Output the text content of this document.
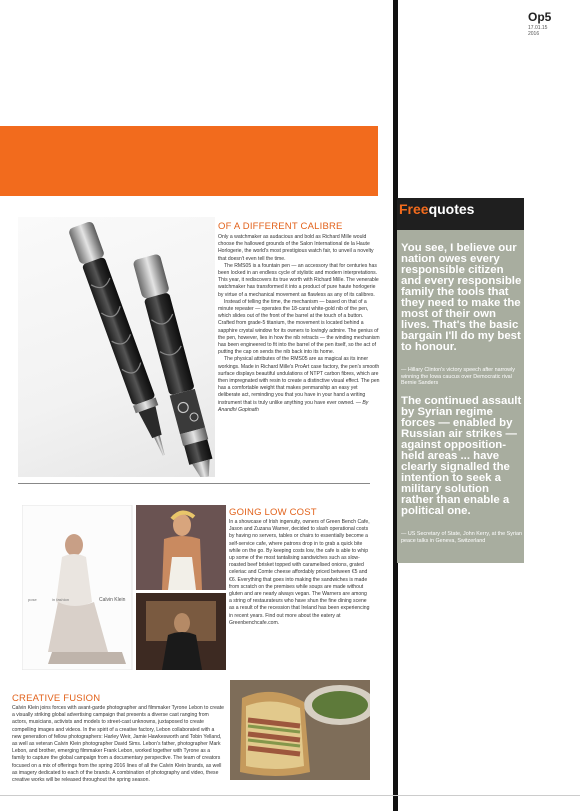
Op5
17.01.15
2016
OF A DIFFERENT CALIBRE

Only a watchmaker as audacious and bold as Richard Mille would choose the hallowed grounds of the Salon International de la Haute Horlogerie, the world's most prestigious watch fair, to unveil a novelty that doesn't even tell the time.

The RMS05 is a fountain pen — an accessory that for centuries has been locked in an endless cycle of stylistic and modern interpretations. This year, it rediscovers its true worth with Richard Mille. The venerable watchmaker has transformed it into a product of pure haute horlogerie by virtue of a mechanical movement as flawless as any of its calibres.

Instead of telling the time, the mechanism — based on that of a minute repeater — operates the 18-carat white-gold nib of the pen, which slides out of the front of the barrel at the touch of a button. Crafted from grade-5 titanium, the movement is located behind a sapphire crystal window for its owners to lovingly admire. The genius of the pen, however, lies in how the nib retracts — the winding mechanism has been engineered to fit into the barrel of the pen itself, so the act of putting the cap on sends the nib back into its home.

The physical attributes of the RMS05 are as magical as its inner workings. Made in Richard Mille's ProArt case factory, the pen's smooth surface displays beautiful undulations of NTPT carbon fibres, which are then impregnated with resin to create a distinctive visual effect. The pen has a comfortable weight that makes penmanship an easy yet deliberate act, reminding you that you have in your hand a writing instrument that is truly unlike anything you have ever owned. — By Anandhi Gopinath

pose	in fashion	Calvin Klein
GOING LOW COST
In a showcase of Irish ingenuity, owners of Green Bench Cafe, Jason and Zuzana Warner, decided to slash operational costs by having no servers, tables or chairs to essentially become a self-service cafe, where patrons drop in to grab a quick bite while on the go. By keeping costs low, the cafe is able to whip up some of the most tantalising sandwiches such as slow-roasted beef brisket topped with caramelised onions, grated celeriac and Comte cheese affordably priced between €5 and €6. Everything that goes into making the sandwiches is made from scratch on the premises while soups are made without gluten and are nearly always vegan. The Warners are among a string of restaurateurs who have shun the fine dining scene as a result of the recession that Ireland has been experiencing in recent years. Find out more about the eatery at Greenbenchcafe.com.
CREATIVE FUSION
Calvin Klein joins forces with avant-garde photographer and filmmaker Tyrone Lebon to create a visually striking global advertising campaign that presents a diverse cast ranging from actors, musicians, activists and models to street-cast unknowns, juxtaposed to create compelling images and videos. In the spirit of a creative factory, Lebon collaborated with a new generation of fellow photographers: Harley Weir, Jamie Hawkesworth and Tobin Yelland, as well as veteran Calvin Klein photographer David Sims. Lebon's father, photographer Mark Lebon, and brother, emerging filmmaker Frank Lebon, worked together with Tyrone as a family to capture the global campaign from a documentary perspective. The team of creators focused on a mix of offerings from the spring 2016 lines of all the Calvin Klein brands, as well as imagery dedicated to each of the brands. A combination of photography and video, these creative works will be released throughout the spring season.
Freequotes
You see, I believe our nation owes every responsible citizen and every responsible family the tools that they need to make the most of their own lives. That's the basic bargain I'll do my best to honour.
— Hillary Clinton's victory speech after narrowly winning the Iowa caucus over Democratic rival Bernie Sanders
The continued assault by Syrian regime forces — enabled by Russian air strikes — against opposition-held areas ... have clearly signalled the intention to seek a military solution rather than enable a political one.
— US Secretary of State, John Kerry, at the Syrian peace talks in Geneva, Switzerland
